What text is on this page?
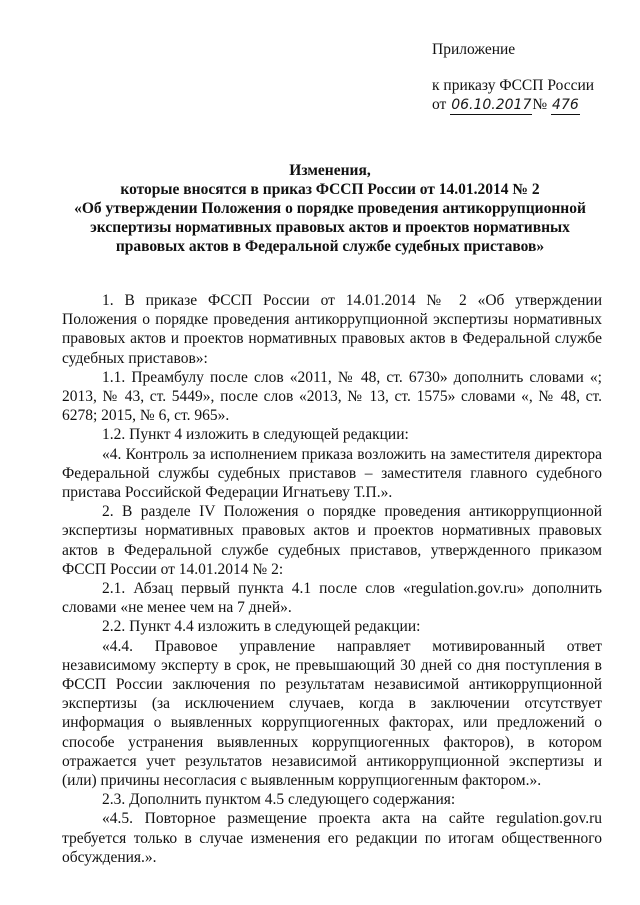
Приложение
к приказу ФССП России
от 06.10.2017№ 476
Изменения,
которые вносятся в приказ ФССП России от 14.01.2014 № 2
«Об утверждении Положения о порядке проведения антикоррупционной
экспертизы нормативных правовых актов и проектов нормативных
правовых актов в Федеральной службе судебных приставов»

1. В приказе ФССП России от 14.01.2014 № 2 «Об утверждении Положения о порядке проведения антикоррупционной экспертизы нормативных правовых актов и проектов нормативных правовых актов в Федеральной службе судебных приставов»:

1.1. Преамбулу после слов «2011, № 48, ст. 6730» дополнить словами «; 2013, № 43, ст. 5449», после слов «2013, № 13, ст. 1575» словами «, № 48, ст. 6278; 2015, № 6, ст. 965».

1.2. Пункт 4 изложить в следующей редакции:

«4. Контроль за исполнением приказа возложить на заместителя директора Федеральной службы судебных приставов – заместителя главного судебного пристава Российской Федерации Игнатьеву Т.П.».

2. В разделе IV Положения о порядке проведения антикоррупционной экспертизы нормативных правовых актов и проектов нормативных правовых актов в Федеральной службе судебных приставов, утвержденного приказом ФССП России от 14.01.2014 № 2:

2.1. Абзац первый пункта 4.1 после слов «regulation.gov.ru» дополнить словами «не менее чем на 7 дней».

2.2. Пункт 4.4 изложить в следующей редакции:

«4.4. Правовое управление направляет мотивированный ответ независимому эксперту в срок, не превышающий 30 дней со дня поступления в ФССП России заключения по результатам независимой антикоррупционной экспертизы (за исключением случаев, когда в заключении отсутствует информация о выявленных коррупциогенных факторах, или предложений о способе устранения выявленных коррупциогенных факторов), в котором отражается учет результатов независимой антикоррупционной экспертизы и (или) причины несогласия с выявленным коррупциогенным фактором.».

2.3. Дополнить пунктом 4.5 следующего содержания:

«4.5. Повторное размещение проекта акта на сайте regulation.gov.ru требуется только в случае изменения его редакции по итогам общественного обсуждения.».
